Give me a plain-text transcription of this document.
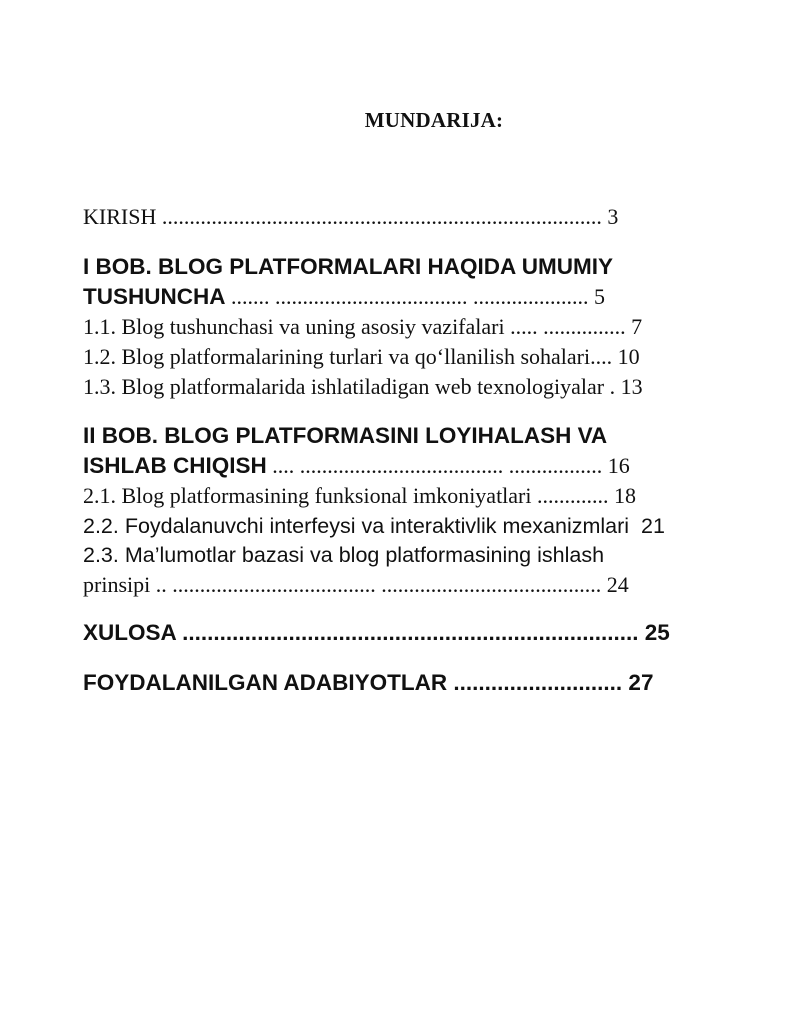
MUNDARIJA:
KIRISH ................................................................................ 3
I BOB. BLOG PLATFORMALARI HAQIDA UMUMIY
TUSHUNCHA ....... ................................... ..................... 5
1.1. Blog tushunchasi va uning asosiy vazifalari ..... ............... 7
1.2. Blog platformalarining turlari va qo‘llanilish sohalari.... 10
1.3. Blog platformalarida ishlatiladigan web texnologiyalar . 13
II BOB. BLOG PLATFORMASINI LOYIHALASH VA
ISHLAB CHIQISH .... ..................................... ................. 16
2.1. Blog platformasining funksional imkoniyatlari ............. 18
2.2. Foydalanuvchi interfeysi va interaktivlik mexanizmlari  21
2.3. Ma’lumotlar bazasi va blog platformasining ishlash
prinsipi .. ..................................... ........................................ 24
XULOSA ......................................................................... 25
FOYDALANILGAN ADABIYOTLAR ........................... 27
